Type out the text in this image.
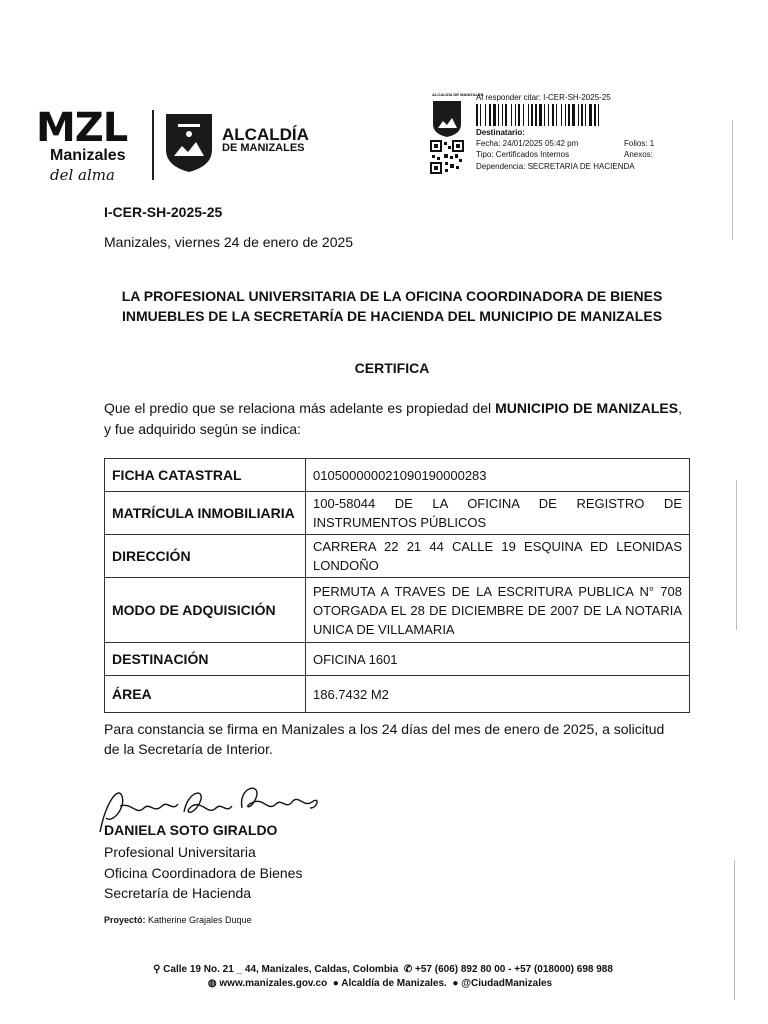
MZL
Manizales
del alma
ALCALDÍA
DE MANIZALES
ALCALDÍA DE MANIZALES
Al responder citar: I-CER-SH-2025-25
Destinatario:
Fecha: 24/01/2025 05:42 pm	Folios: 1
Tipo: Certificados Internos	Anexos:
Dependencia: SECRETARIA DE HACIENDA
I-CER-SH-2025-25
Manizales, viernes 24 de enero de 2025
LA PROFESIONAL UNIVERSITARIA DE LA OFICINA COORDINADORA DE BIENES INMUEBLES DE LA SECRETARÍA DE HACIENDA DEL MUNICIPIO DE MANIZALES
CERTIFICA
Que el predio que se relaciona más adelante es propiedad del MUNICIPIO DE MANIZALES, y fue adquirido según se indica:
FICHA CATASTRAL	010500000021090190000283
MATRÍCULA INMOBILIARIA	100-58044 DE LA OFICINA DE REGISTRO DE INSTRUMENTOS PÚBLICOS
DIRECCIÓN	CARRERA 22 21 44 CALLE 19 ESQUINA ED LEONIDAS LONDOÑO
MODO DE ADQUISICIÓN	PERMUTA A TRAVES DE LA ESCRITURA PUBLICA N° 708 OTORGADA EL 28 DE DICIEMBRE DE 2007 DE LA NOTARIA UNICA DE VILLAMARIA
DESTINACIÓN	OFICINA 1601
ÁREA	186.7432 M2
Para constancia se firma en Manizales a los 24 días del mes de enero de 2025, a solicitud de la Secretaría de Interior.
DANIELA SOTO GIRALDO
Profesional Universitaria
Oficina Coordinadora de Bienes
Secretaría de Hacienda
Proyectó: Katherine Grajales Duque
⚲ Calle 19 No. 21 _ 44, Manizales, Caldas, Colombia  ✆ +57 (606) 892 80 00 - +57 (018000) 698 988
◍ www.manizales.gov.co  ● Alcaldía de Manizales.  ● @CiudadManizales
